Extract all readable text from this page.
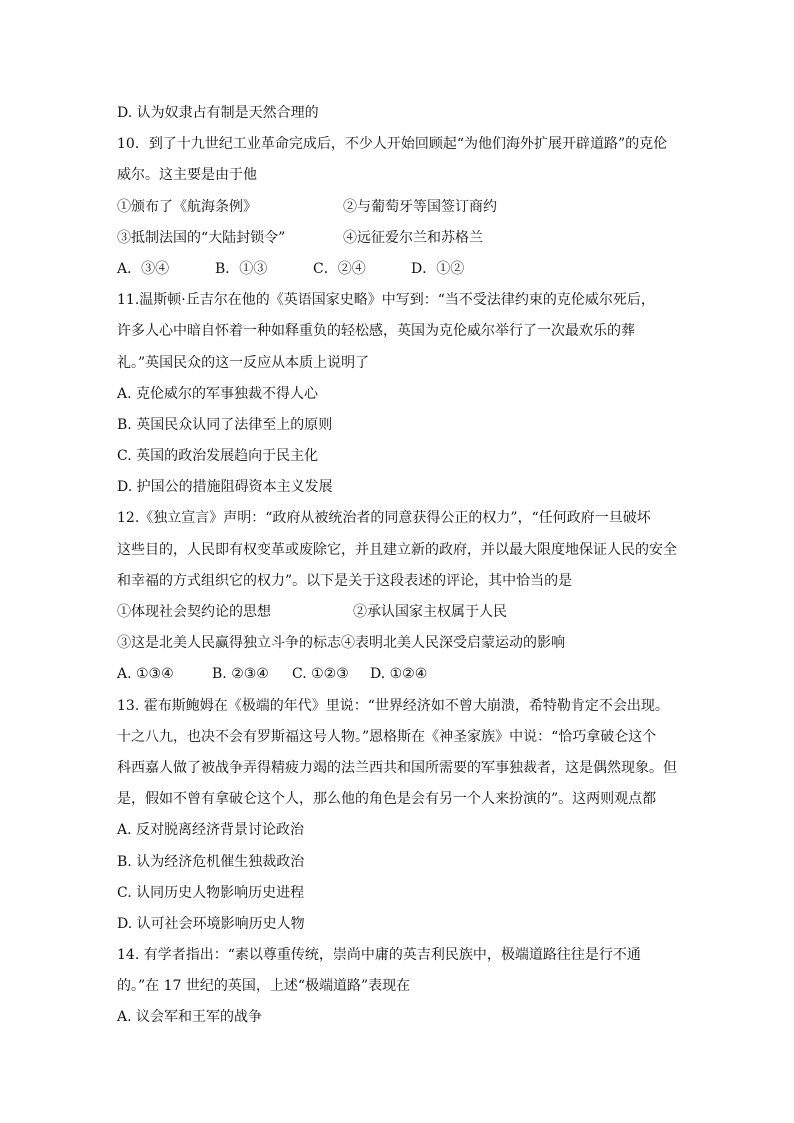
D. 认为奴隶占有制是天然合理的
10．到了十九世纪工业革命完成后，不少人开始回顾起“为他们海外扩展开辟道路”的克伦
威尔。这主要是由于他
①颁布了《航海条例》	②与葡萄牙等国签订商约
③抵制法国的“大陆封锁令”	④远征爱尔兰和苏格兰
A．③④	B．①③	C．②④	D．①②
11.温斯顿·丘吉尔在他的《英语国家史略》中写到：“当不受法律约束的克伦威尔死后，
许多人心中暗自怀着一种如释重负的轻松感，英国为克伦威尔举行了一次最欢乐的葬
礼。”英国民众的这一反应从本质上说明了
A. 克伦威尔的军事独裁不得人心
B. 英国民众认同了法律至上的原则
C. 英国的政治发展趋向于民主化
D. 护国公的措施阻碍资本主义发展
12.《独立宣言》声明：“政府从被统治者的同意获得公正的权力”，“任何政府一旦破坏
这些目的，人民即有权变革或废除它，并且建立新的政府，并以最大限度地保证人民的安全
和幸福的方式组织它的权力”。以下是关于这段表述的评论，其中恰当的是
①体现社会契约论的思想	②承认国家主权属于人民
③这是北美人民赢得独立斗争的标志 ④表明北美人民深受启蒙运动的影响
A. ①③④	B. ②③④	C. ①②③	D. ①②④
13. 霍布斯鲍姆在《极端的年代》里说：“世界经济如不曾大崩溃，希特勒肯定不会出现。
十之八九，也决不会有罗斯福这号人物。”恩格斯在《神圣家族》中说：“恰巧拿破仑这个
科西嘉人做了被战争弄得精疲力竭的法兰西共和国所需要的军事独裁者，这是偶然现象。但
是，假如不曾有拿破仑这个人，那么他的角色是会有另一个人来扮演的”。这两则观点都
A. 反对脱离经济背景讨论政治
B. 认为经济危机催生独裁政治
C. 认同历史人物影响历史进程
D. 认可社会环境影响历史人物
14. 有学者指出：“素以尊重传统，崇尚中庸的英吉利民族中，极端道路往往是行不通
的。”在 17 世纪的英国，上述“极端道路”表现在
A. 议会军和王军的战争
